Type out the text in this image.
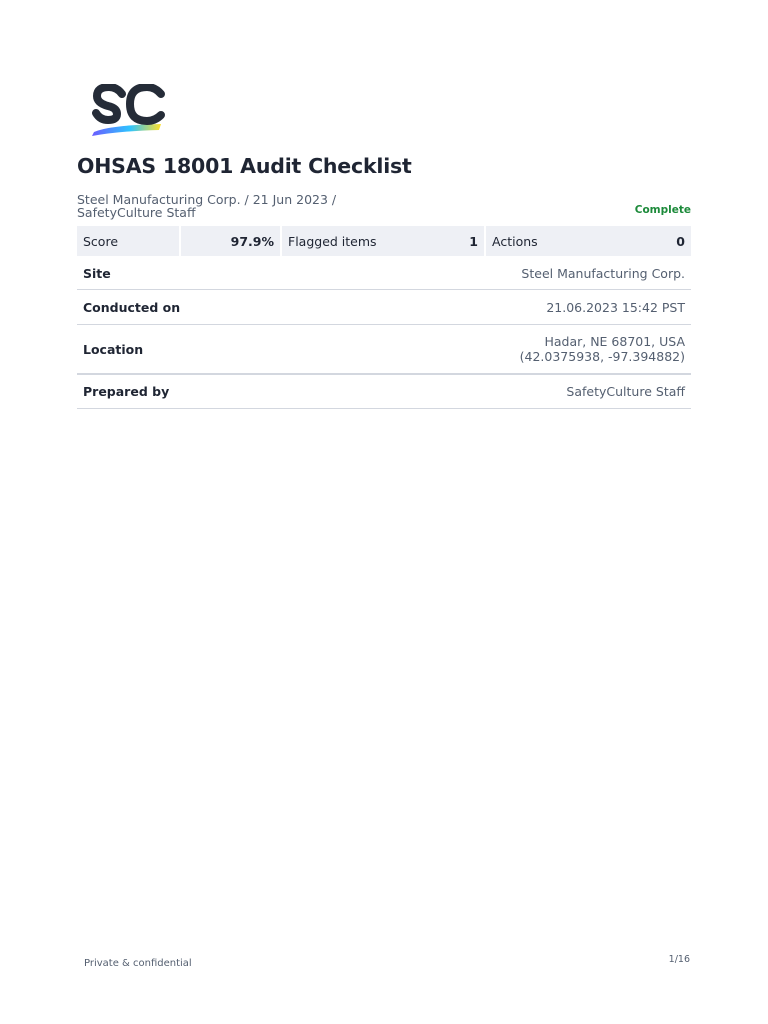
OHSAS 18001 Audit Checklist
Steel Manufacturing Corp. / 21 Jun 2023 /
SafetyCulture Staff	Complete
Score	97.9%	Flagged items	1	Actions	0
Site	Steel Manufacturing Corp.
Conducted on	21.06.2023 15:42 PST
Location	Hadar, NE 68701, USA
(42.0375938, -97.394882)
Prepared by	SafetyCulture Staff
Private & confidential	1/16
